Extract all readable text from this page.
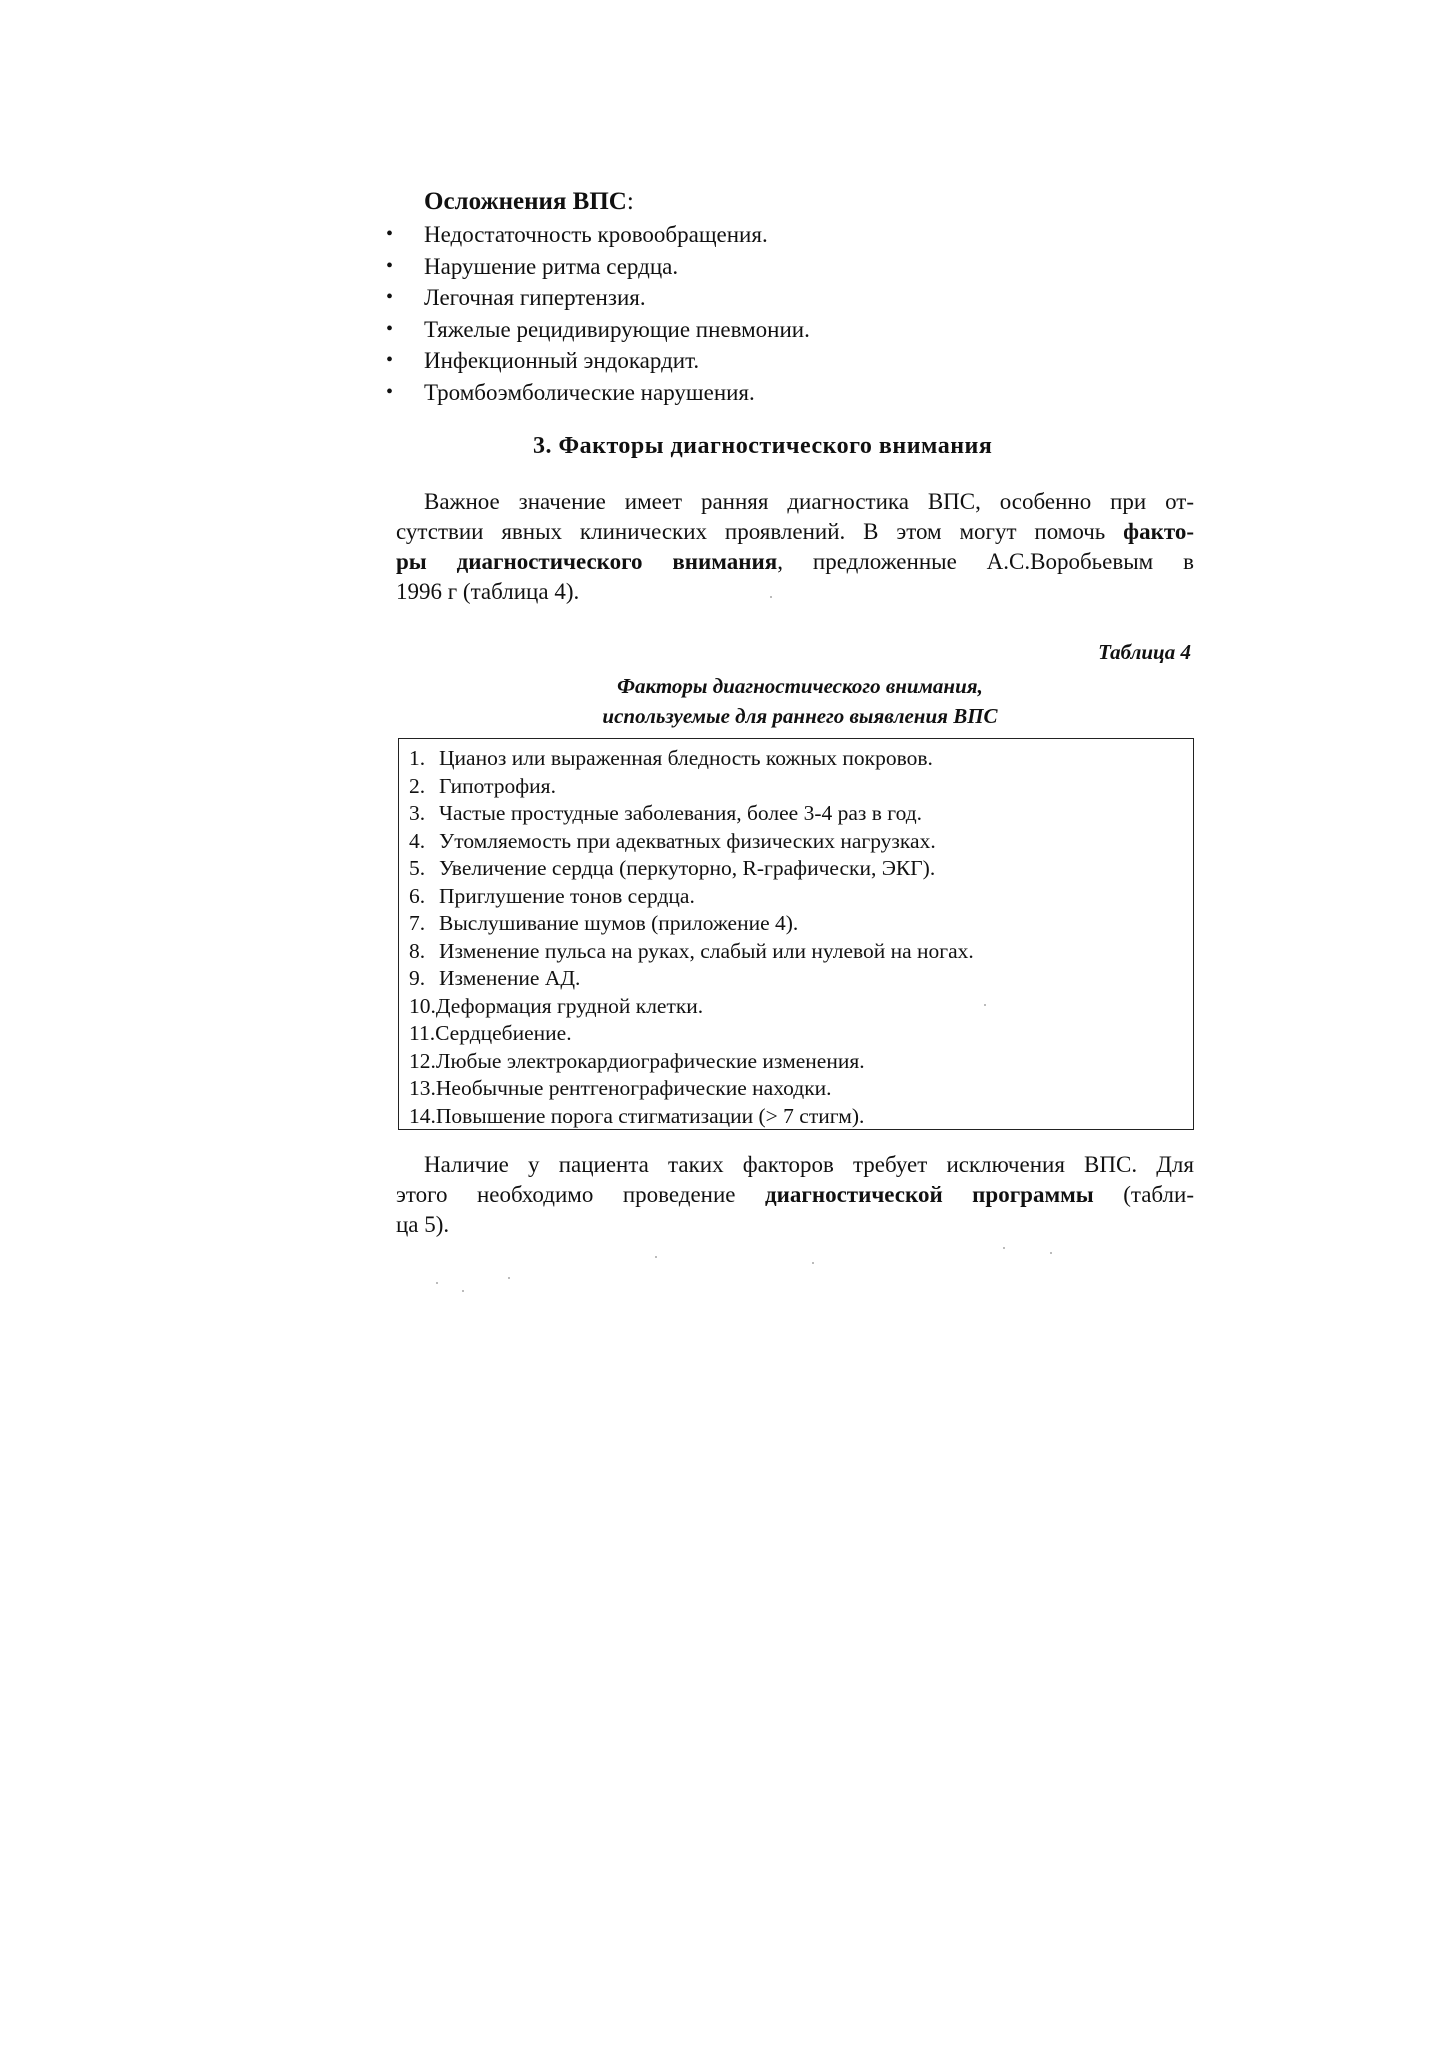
Осложнения ВПС:

• Недостаточность кровообращения.
• Нарушение ритма сердца.
• Легочная гипертензия.
• Тяжелые рецидивирующие пневмонии.
• Инфекционный эндокардит.
• Тромбоэмболические нарушения.
3. Факторы диагностического внимания
Важное значение имеет ранняя диагностика ВПС, особенно при от-
сутствии явных клинических проявлений. В этом могут помочь факто-
ры диагностического внимания, предложенные А.С.Воробьевым в
1996 г (таблица 4).

Таблица 4

Факторы диагностического внимания,
используемые для раннего выявления ВПС

1. Цианоз или выраженная бледность кожных покровов.
2. Гипотрофия.
3. Частые простудные заболевания, более 3-4 раз в год.
4. Утомляемость при адекватных физических нагрузках.
5. Увеличение сердца (перкуторно, R-графически, ЭКГ).
6. Приглушение тонов сердца.
7. Выслушивание шумов (приложение 4).
8. Изменение пульса на руках, слабый или нулевой на ногах.
9. Изменение АД.
10.Деформация грудной клетки.
11.Сердцебиение.
12.Любые электрокардиографические изменения.
13.Необычные рентгенографические находки.
14.Повышение порога стигматизации (> 7 стигм).
Наличие у пациента таких факторов требует исключения ВПС. Для
этого необходимо проведение диагностической программы (табли-
ца 5).
